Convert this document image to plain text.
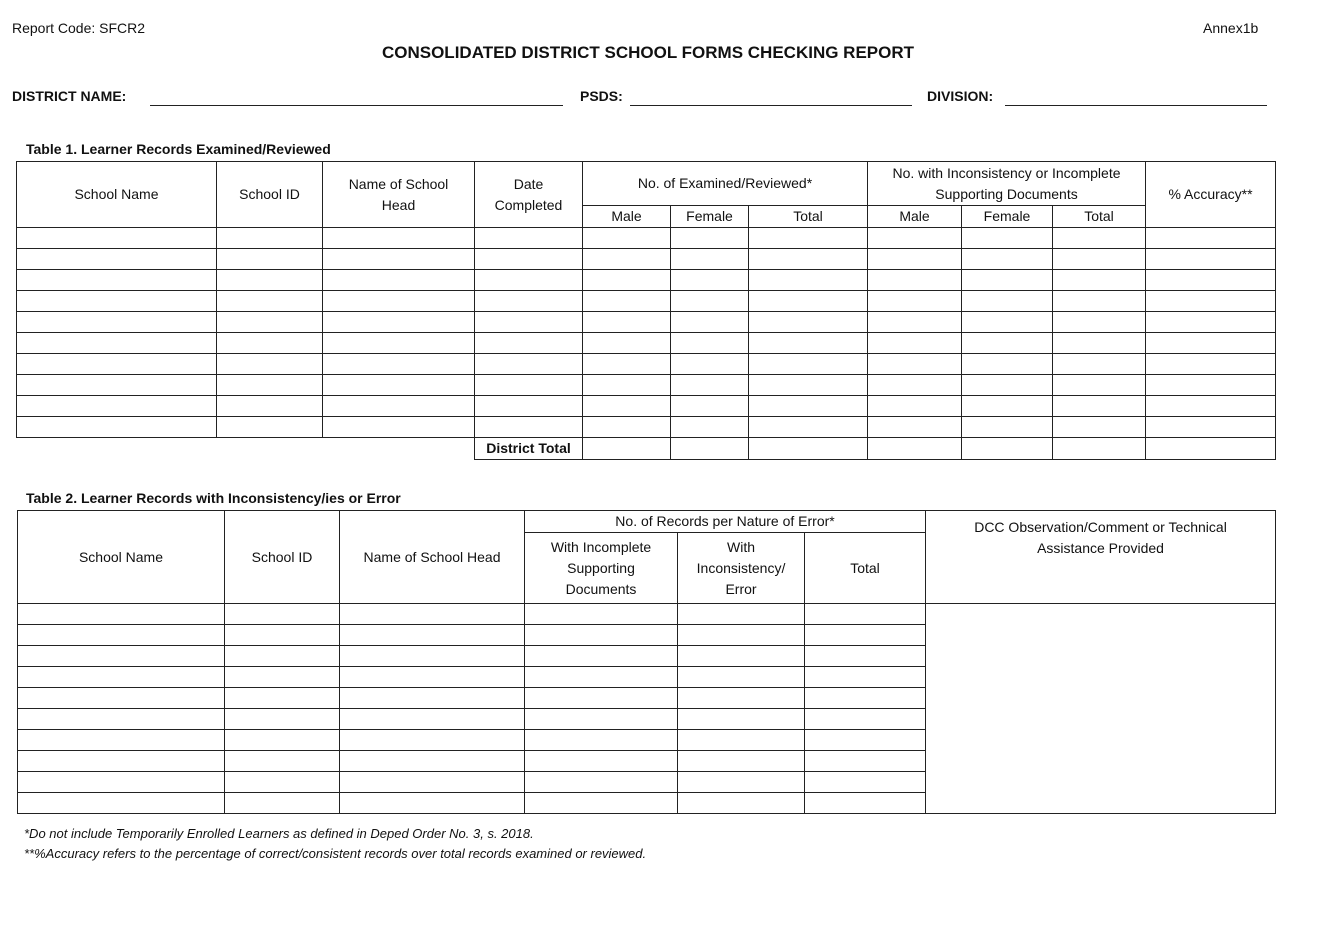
Report Code: SFCR2	Annex1b
CONSOLIDATED DISTRICT SCHOOL FORMS CHECKING REPORT
DISTRICT NAME:	PSDS:	DIVISION:
Table 1. Learner Records Examined/Reviewed
School Name	School ID	Name of School Head	Date Completed	No. of Examined/Reviewed*			No. with Inconsistency or Incomplete Supporting Documents			% Accuracy**
				Male	Female	Total	Male	Female	Total	

			District Total							
Table 2. Learner Records with Inconsistency/ies or Error
School Name	School ID	Name of School Head	No. of Records per Nature of Error*			DCC Observation/Comment or Technical Assistance Provided
			With Incomplete Supporting Documents	With Inconsistency/ Error	Total	

*Do not include Temporarily Enrolled Learners as defined in Deped Order No. 3, s. 2018.
**%Accuracy refers to the percentage of correct/consistent records over total records examined or reviewed.
